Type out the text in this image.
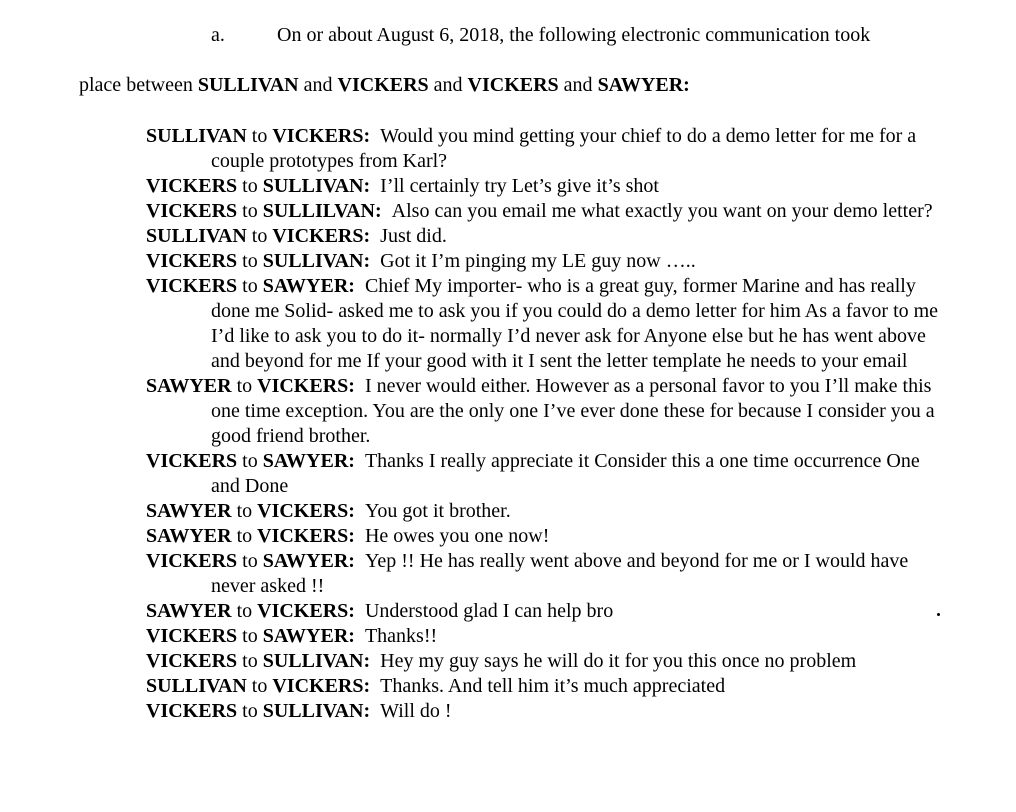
a.	On or about August 6, 2018, the following electronic communication took
place between SULLIVAN and VICKERS and VICKERS and SAWYER:

SULLIVAN to VICKERS:  Would you mind getting your chief to do a demo letter for me for a couple prototypes from Karl?

VICKERS to SULLIVAN:  I’ll certainly try Let’s give it’s shot

VICKERS to SULLILVAN:  Also can you email me what exactly you want on your demo letter?

SULLIVAN to VICKERS:  Just did.

VICKERS to SULLIVAN:  Got it I’m pinging my LE guy now …..

VICKERS to SAWYER:  Chief My importer- who is a great guy, former Marine and has really done me Solid- asked me to ask you if you could do a demo letter for him As a favor to me I’d like to ask you to do it- normally I’d never ask for Anyone else but he has went above and beyond for me If your good with it I sent the letter template he needs to your email

SAWYER to VICKERS:  I never would either. However as a personal favor to you I’ll make this one time exception. You are the only one I’ve ever done these for because I consider you a good friend brother.

VICKERS to SAWYER:  Thanks I really appreciate it Consider this a one time occurrence One and Done

SAWYER to VICKERS:  You got it brother.

SAWYER to VICKERS:  He owes you one now!

VICKERS to SAWYER:  Yep !! He has really went above and beyond for me or I would have never asked !!

SAWYER to VICKERS:  Understood glad I can help bro

VICKERS to SAWYER:  Thanks!!

VICKERS to SULLIVAN:  Hey my guy says he will do it for you this once no problem

SULLIVAN to VICKERS:  Thanks. And tell him it’s much appreciated

VICKERS to SULLIVAN:  Will do !
